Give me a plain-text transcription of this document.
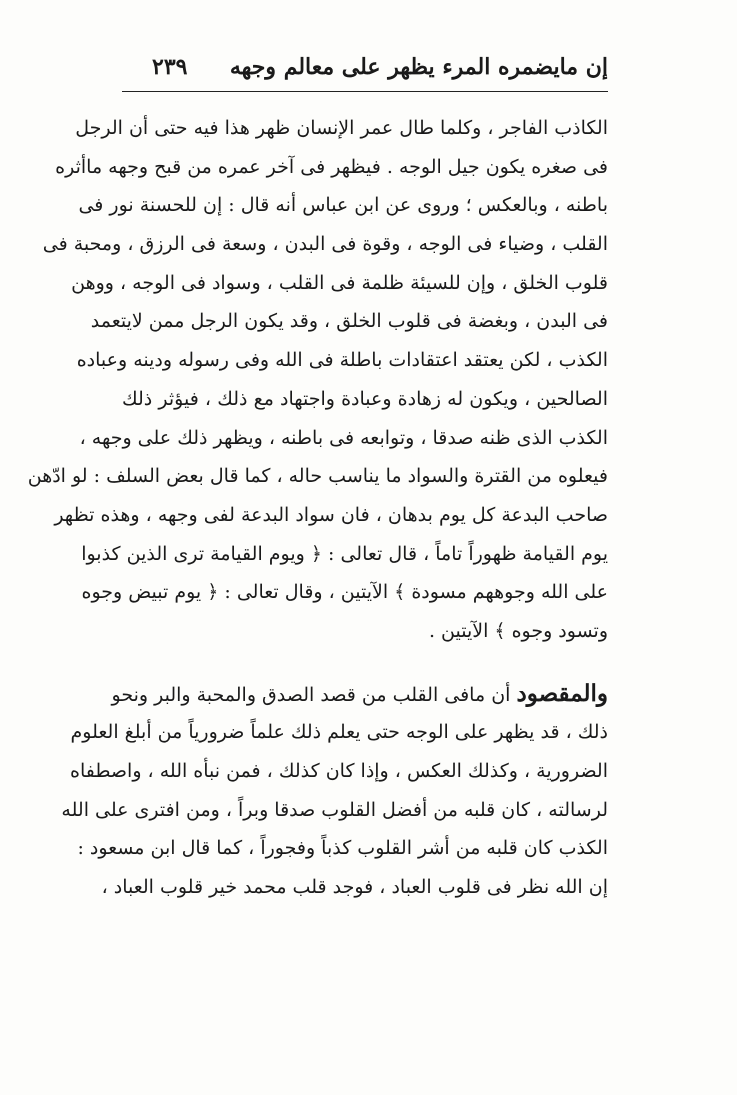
إن مايضمره المرء يظهر على معالم وجهه
٢٣٩
الكاذب الفاجر ، وكلما طال عمر الإنسان ظهر هذا فيه حتى أن الرجل
فى صغره يكون جيل الوجه . فيظهر فى آخر عمره من قبح وجهه ماأثره
باطنه ، وبالعكس ؛ وروى عن ابن عباس أنه قال : إن للحسنة نور فى
القلب ، وضياء فى الوجه ، وقوة فى البدن ، وسعة فى الرزق ، ومحبة فى
قلوب الخلق ، وإن للسيئة ظلمة فى القلب ، وسواد فى الوجه ، ووهن
فى البدن ، وبغضة فى قلوب الخلق ، وقد يكون الرجل ممن لايتعمد
الكذب ، لكن يعتقد اعتقادات باطلة فى الله وفى رسوله ودينه وعباده
الصالحين ، ويكون له زهادة وعبادة واجتهاد مع ذلك ، فيؤثر ذلك
الكذب الذى ظنه صدقا ، وتوابعه فى باطنه ، ويظهر ذلك على وجهه ،
فيعلوه من القترة والسواد ما يناسب حاله ، كما قال بعض السلف : لو ادّهن
صاحب البدعة كل يوم بدهان ، فان سواد البدعة لفى وجهه ، وهذه تظهر
يوم القيامة ظهوراً تاماً ، قال تعالى : ﴿ ويوم القيامة ترى الذين كذبوا
على الله وجوههم مسودة ﴾ الآيتين ، وقال تعالى : ﴿ يوم تبيض وجوه
وتسود وجوه ﴾ الآيتين .
والمقصود أن مافى القلب من قصد الصدق والمحبة والبر ونحو
ذلك ، قد يظهر على الوجه حتى يعلم ذلك علماً ضرورياً من أبلغ العلوم
الضرورية ، وكذلك العكس ، وإذا كان كذلك ، فمن نبأه الله ، واصطفاه
لرسالته ، كان قلبه من أفضل القلوب صدقا وبراً ، ومن افترى على الله
الكذب كان قلبه من أشر القلوب كذباً وفجوراً ، كما قال ابن مسعود :
إن الله نظر فى قلوب العباد ، فوجد قلب محمد خير قلوب العباد ،
